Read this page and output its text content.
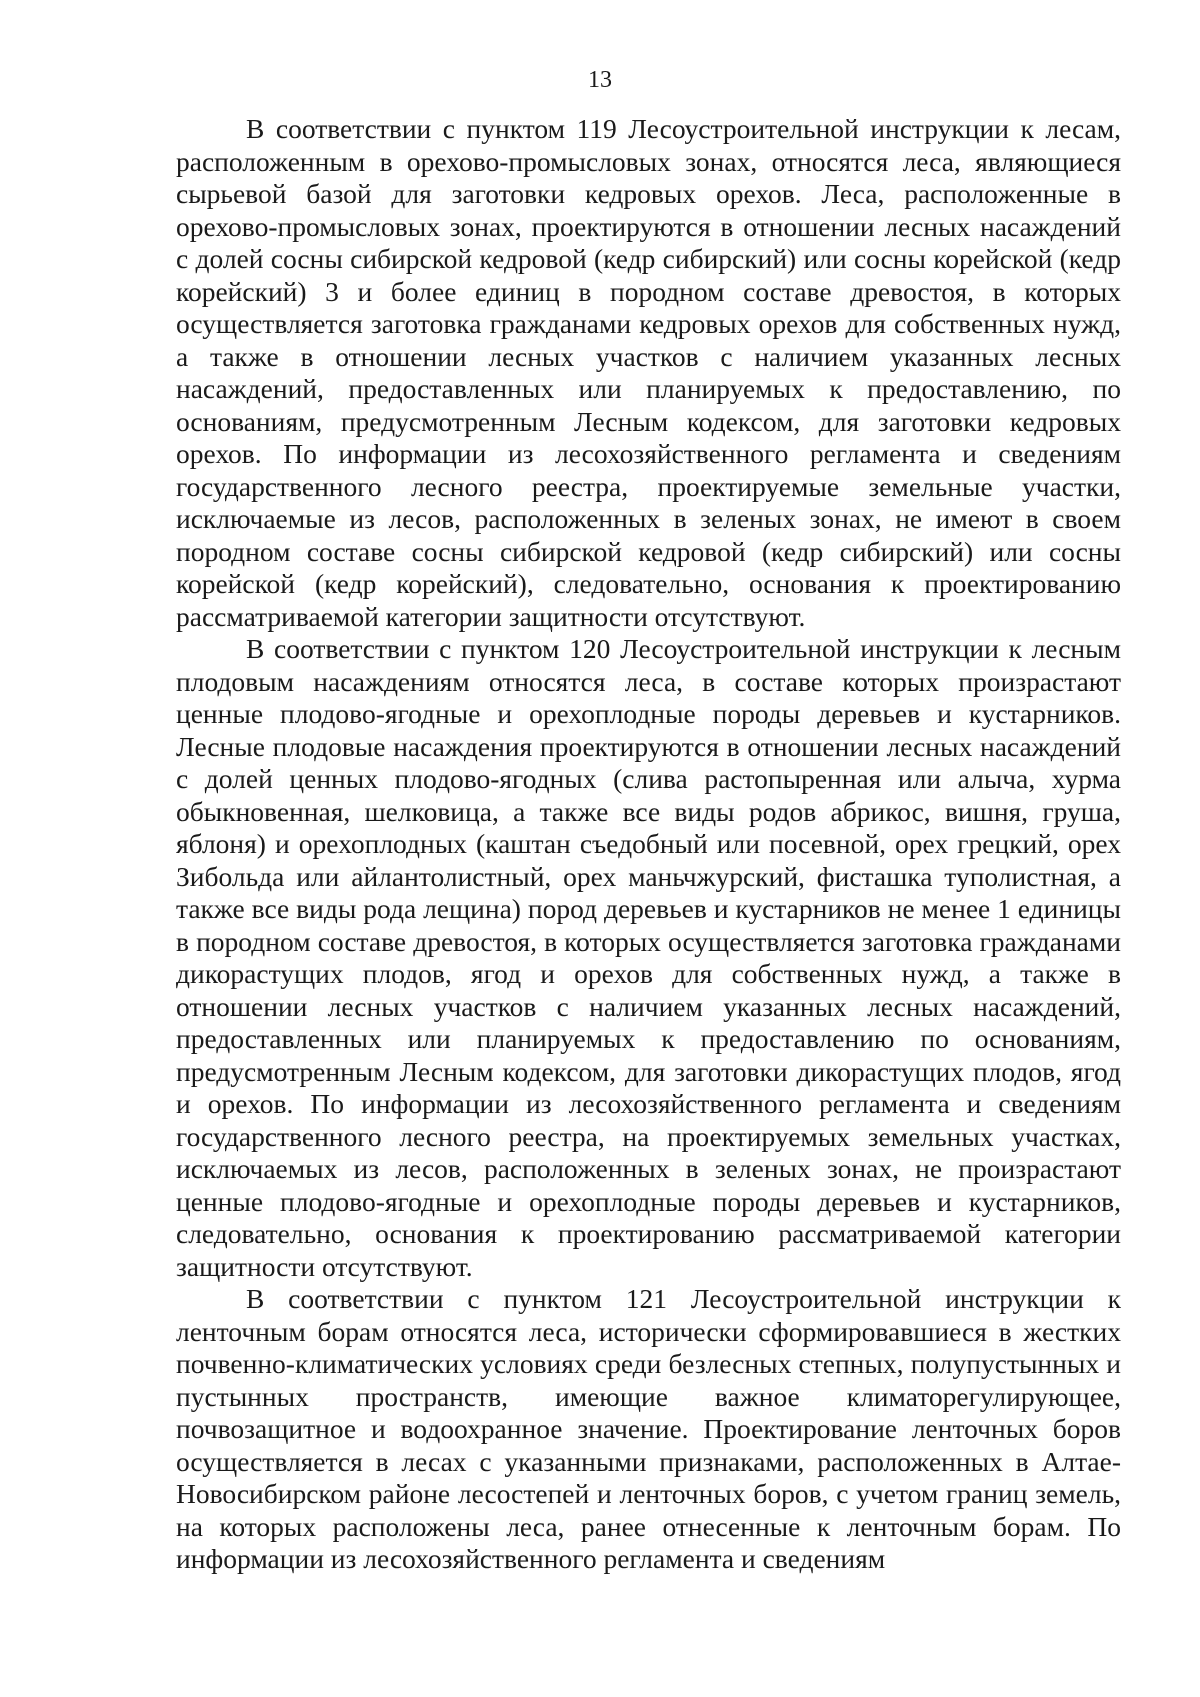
13

В соответствии с пунктом 119 Лесоустроительной инструкции к лесам, расположенным в орехово-промысловых зонах, относятся леса, являющиеся сырьевой базой для заготовки кедровых орехов. Леса, расположенные в орехово-промысловых зонах, проектируются в отношении лесных насаждений с долей сосны сибирской кедровой (кедр сибирский) или сосны корейской (кедр корейский) 3 и более единиц в породном составе древостоя, в которых осуществляется заготовка гражданами кедровых орехов для собственных нужд, а также в отношении лесных участков с наличием указанных лесных насаждений, предоставленных или планируемых к предоставлению, по основаниям, предусмотренным Лесным кодексом, для заготовки кедровых орехов. По информации из лесохозяйственного регламента и сведениям государственного лесного реестра, проектируемые земельные участки, исключаемые из лесов, расположенных в зеленых зонах, не имеют в своем породном составе сосны сибирской кедровой (кедр сибирский) или сосны корейской (кедр корейский), следовательно, основания к проектированию рассматриваемой категории защитности отсутствуют.

В соответствии с пунктом 120 Лесоустроительной инструкции к лесным плодовым насаждениям относятся леса, в составе которых произрастают ценные плодово-ягодные и орехоплодные породы деревьев и кустарников. Лесные плодовые насаждения проектируются в отношении лесных насаждений с долей ценных плодово-ягодных (слива растопыренная или алыча, хурма обыкновенная, шелковица, а также все виды родов абрикос, вишня, груша, яблоня) и орехоплодных (каштан съедобный или посевной, орех грецкий, орех Зибольда или айлантолистный, орех маньчжурский, фисташка туполистная, а также все виды рода лещина) пород деревьев и кустарников не менее 1 единицы в породном составе древостоя, в которых осуществляется заготовка гражданами дикорастущих плодов, ягод и орехов для собственных нужд, а также в отношении лесных участков с наличием указанных лесных насаждений, предоставленных или планируемых к предоставлению по основаниям, предусмотренным Лесным кодексом, для заготовки дикорастущих плодов, ягод и орехов. По информации из лесохозяйственного регламента и сведениям государственного лесного реестра, на проектируемых земельных участках, исключаемых из лесов, расположенных в зеленых зонах, не произрастают ценные плодово-ягодные и орехоплодные породы деревьев и кустарников, следовательно, основания к проектированию рассматриваемой категории защитности отсутствуют.

В соответствии с пунктом 121 Лесоустроительной инструкции к ленточным борам относятся леса, исторически сформировавшиеся в жестких почвенно-климатических условиях среди безлесных степных, полупустынных и пустынных пространств, имеющие важное климаторегулирующее, почвозащитное и водоохранное значение. Проектирование ленточных боров осуществляется в лесах с указанными признаками, расположенных в Алтае-Новосибирском районе лесостепей и ленточных боров, с учетом границ земель, на которых расположены леса, ранее отнесенные к ленточным борам. По информации из лесохозяйственного регламента и сведениям
